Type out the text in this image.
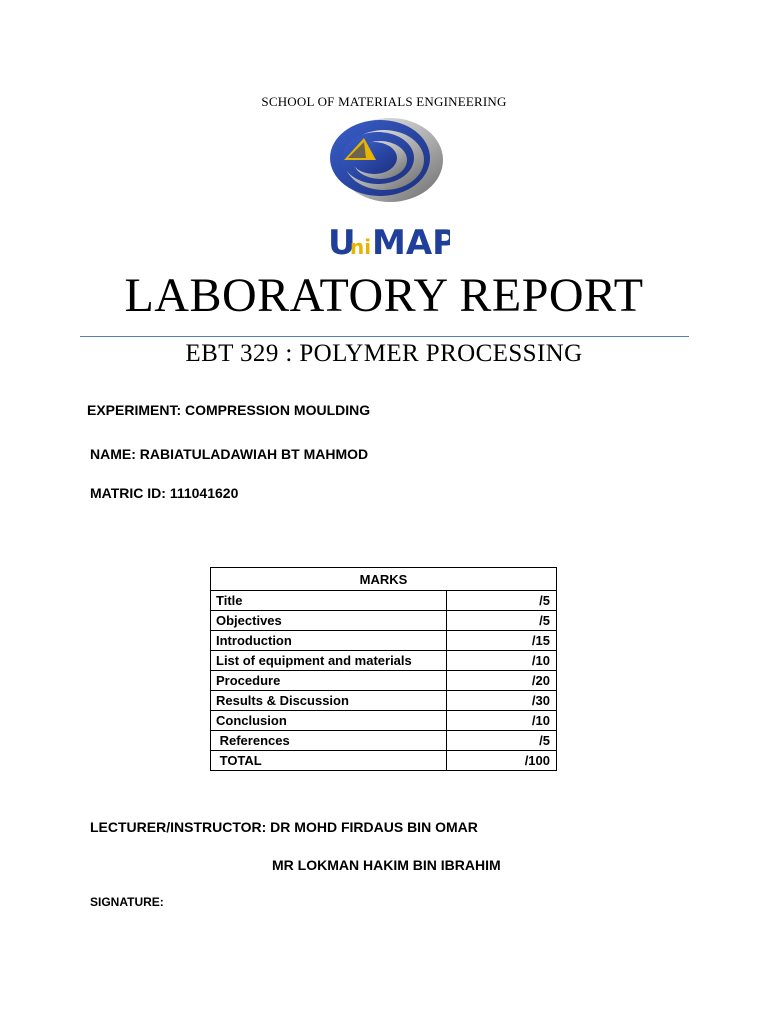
SCHOOL OF MATERIALS ENGINEERING
U
ni MAP
LABORATORY REPORT
EBT 329 : POLYMER PROCESSING
EXPERIMENT: COMPRESSION MOULDING
NAME: RABIATULADAWIAH BT MAHMOD
MATRIC ID: 111041620
MARKS	
Title	/5
Objectives	/5
Introduction	/15
List of equipment and materials	/10
Procedure	/20
Results & Discussion	/30
Conclusion	/10
References	/5
TOTAL	/100
LECTURER/INSTRUCTOR: DR MOHD FIRDAUS BIN OMAR
MR LOKMAN HAKIM BIN IBRAHIM
SIGNATURE:
